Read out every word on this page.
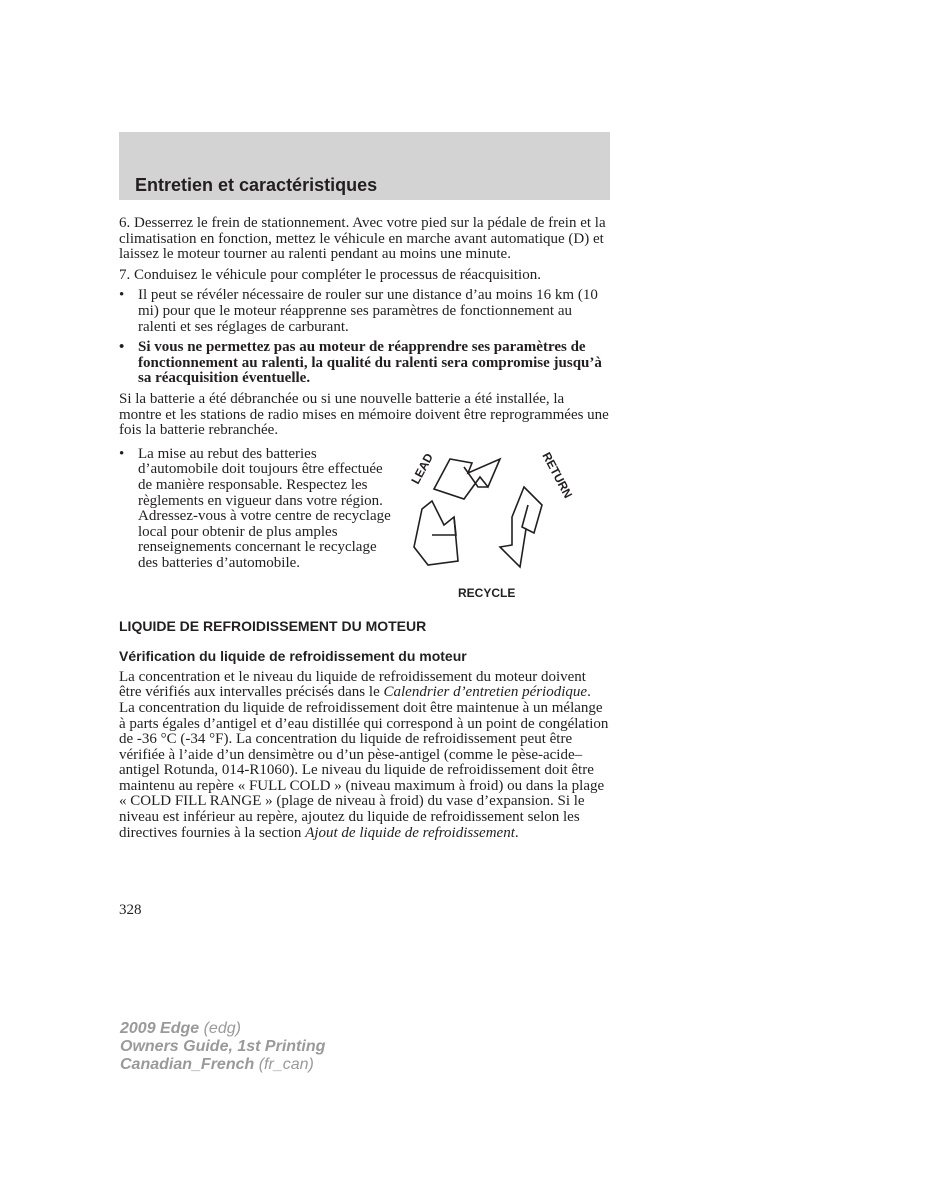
Entretien et caractéristiques

6. Desserrez le frein de stationnement. Avec votre pied sur la pédale de frein et la climatisation en fonction, mettez le véhicule en marche avant automatique (D) et laissez le moteur tourner au ralenti pendant au moins une minute.

7. Conduisez le véhicule pour compléter le processus de réacquisition.

• Il peut se révéler nécessaire de rouler sur une distance d’au moins 16 km (10 mi) pour que le moteur réapprenne ses paramètres de fonctionnement au ralenti et ses réglages de carburant.
• Si vous ne permettez pas au moteur de réapprendre ses paramètres de fonctionnement au ralenti, la qualité du ralenti sera compromise jusqu’à sa réacquisition éventuelle.

Si la batterie a été débranchée ou si une nouvelle batterie a été installée, la montre et les stations de radio mises en mémoire doivent être reprogrammées une fois la batterie rebranchée.

• La mise au rebut des batteries d’automobile doit toujours être effectuée de manière responsable. Respectez les règlements en vigueur dans votre région. Adressez-vous à votre centre de recyclage local pour obtenir de plus amples renseignements concernant le recyclage des batteries d’automobile.
LEAD	RETURN
RECYCLE
LIQUIDE DE REFROIDISSEMENT DU MOTEUR
Vérification du liquide de refroidissement du moteur

La concentration et le niveau du liquide de refroidissement du moteur doivent être vérifiés aux intervalles précisés dans le Calendrier d’entretien périodique. La concentration du liquide de refroidissement doit être maintenue à un mélange à parts égales d’antigel et d’eau distillée qui correspond à un point de congélation de -36 °C (-34 °F). La concentration du liquide de refroidissement peut être vérifiée à l’aide d’un densimètre ou d’un pèse-antigel (comme le pèse-acide–antigel Rotunda, 014-R1060). Le niveau du liquide de refroidissement doit être maintenu au repère « FULL COLD » (niveau maximum à froid) ou dans la plage « COLD FILL RANGE » (plage de niveau à froid) du vase d’expansion. Si le niveau est inférieur au repère, ajoutez du liquide de refroidissement selon les directives fournies à la section Ajout de liquide de refroidissement.

328
2009 Edge (edg)
Owners Guide, 1st Printing
Canadian_French (fr_can)
